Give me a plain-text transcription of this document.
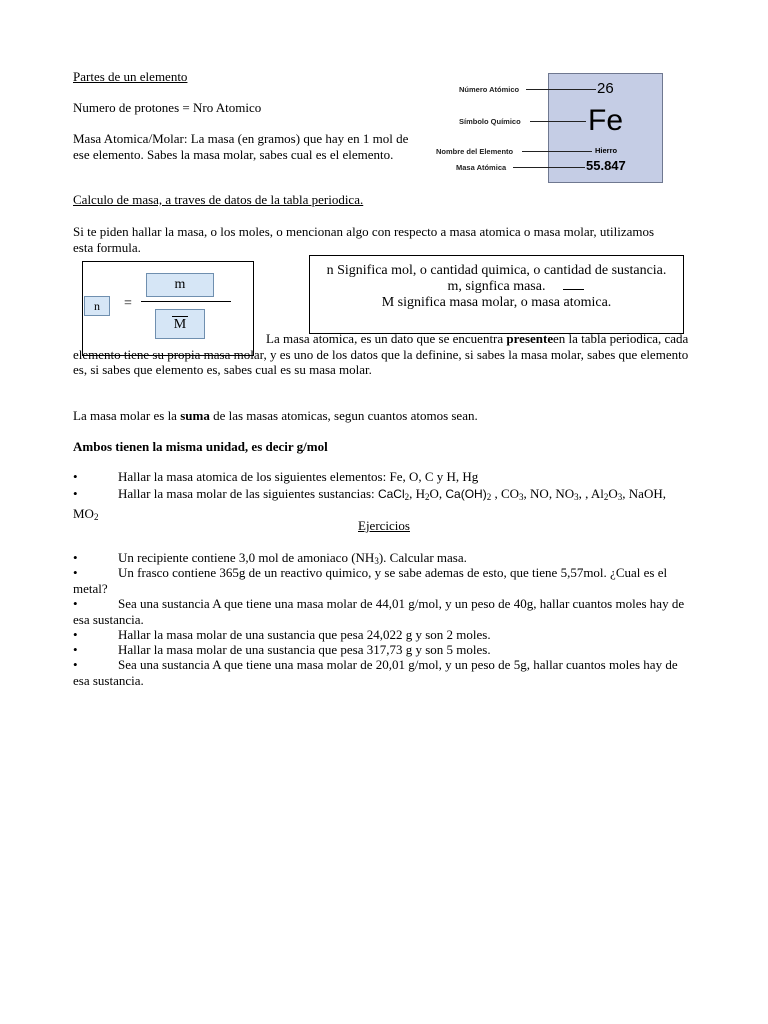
Partes de un elemento

Numero de protones = Nro Atomico

Masa Atomica/Molar: La masa (en gramos) que hay en 1 mol de ese elemento. Sabes la masa molar, sabes cual es el elemento.

Número Atómico
Símbolo Químico
Nombre del Elemento
Masa Atómica
26
Fe
Hierro
55.847

Calculo de masa, a traves de datos de la tabla periodica.

Si te piden hallar la masa, o los moles, o mencionan algo con respecto a masa atomica o masa molar, utilizamos esta formula.

n	=
m
M
n Significa mol, o cantidad quimica, o cantidad de sustancia.
m, signfica masa.
M significa masa molar, o masa atomica.

La masa atomica, es un dato que se encuentra presente

en la tabla periodica, cada elemento tiene su propia masa molar, y es uno de los datos que la definine, si sabes la masa molar, sabes que elemento es, si sabes que elemento es, sabes cual es su masa molar.

La masa molar es la suma de las masas atomicas, segun cuantos atomos sean.

Ambos tienen la misma unidad, es decir g/mol

•	Hallar la masa atomica de los siguientes elementos: Fe, O, C y H, Hg
•	Hallar la masa molar de las siguientes sustancias: CaCl$_2$, $H_2O$, $Ca(OH)_2$ , $CO_3$, NO, $NO_3$, , $Al_2O_3$, NaOH, $MO_2$

Ejercicios

•	Un recipiente contiene 3,0 mol de amoniaco $(NH_3)$. Calcular masa.
•	Un frasco contiene 365g de un reactivo quimico, y se sabe ademas de esto, que tiene 5,57mol. ¿Cual es el metal?
•	Sea una sustancia A que tiene una masa molar de 44,01 g/mol, y un peso de 40g, hallar cuantos moles hay de esa sustancia.
•	Hallar la masa molar de una sustancia que pesa 24,022 g y son 2 moles.
•	Hallar la masa molar de una sustancia que pesa 317,73 g y son 5 moles.
•	Sea una sustancia A que tiene una masa molar de 20,01 g/mol, y un peso de 5g, hallar cuantos moles hay de esa sustancia.
